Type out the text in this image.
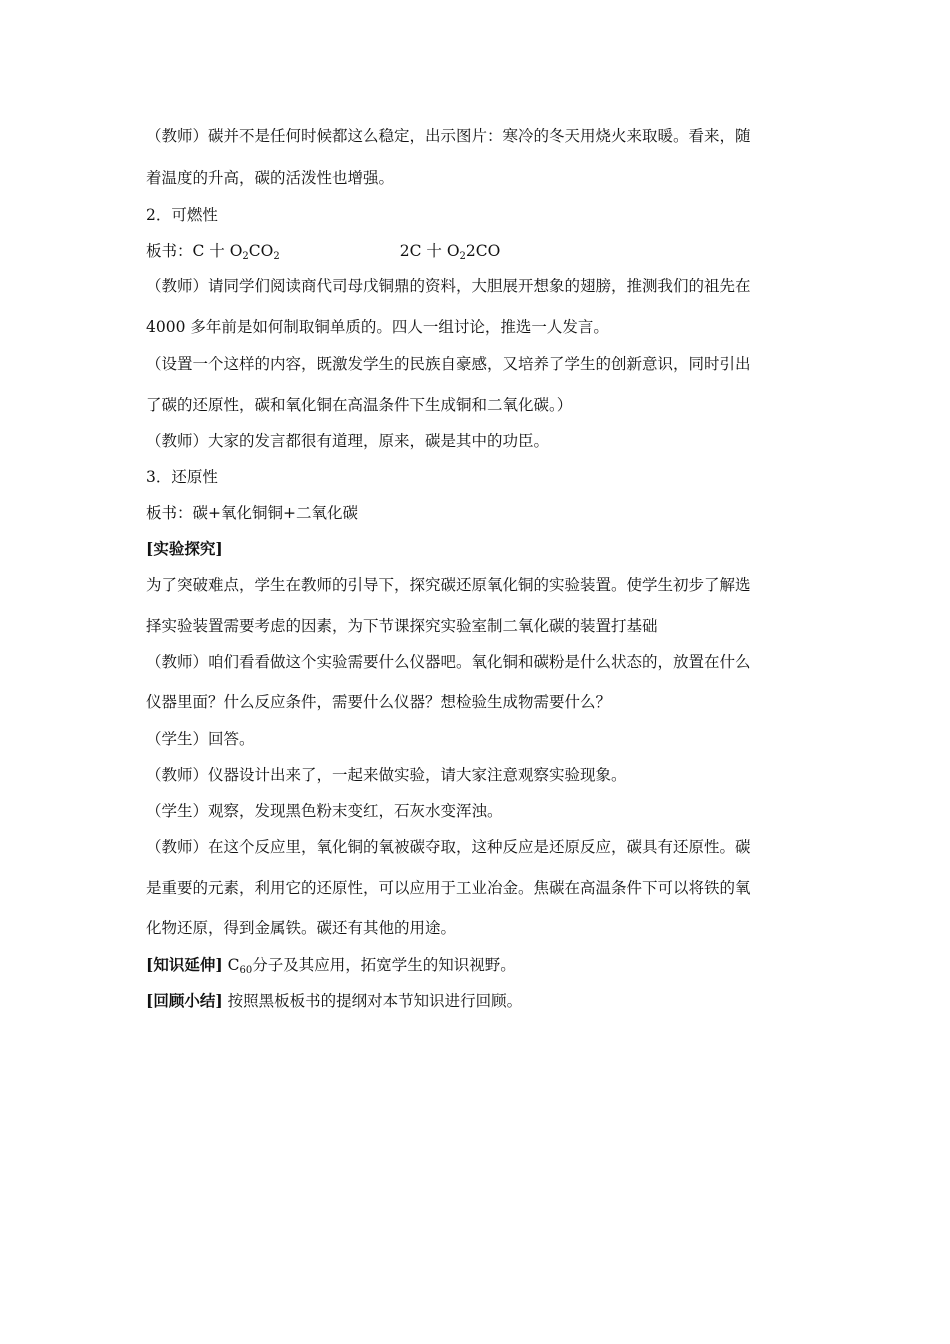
（教师）碳并不是任何时候都这么稳定，出示图片：寒冷的冬天用烧火来取暖。看来，随
着温度的升高，碳的活泼性也增强。
2．可燃性
板书：C 十 $O_2CO_2$	2C 十 $O_22CO$
（教师）请同学们阅读商代司母戊铜鼎的资料，大胆展开想象的翅膀，推测我们的祖先在
4000 多年前是如何制取铜单质的。四人一组讨论，推选一人发言。
（设置一个这样的内容，既激发学生的民族自豪感，又培养了学生的创新意识，同时引出
了碳的还原性，碳和氧化铜在高温条件下生成铜和二氧化碳。）
（教师）大家的发言都很有道理，原来，碳是其中的功臣。
3．还原性
板书：碳+氧化铜铜+二氧化碳
[实验探究]
为了突破难点，学生在教师的引导下，探究碳还原氧化铜的实验装置。使学生初步了解选
择实验装置需要考虑的因素，为下节课探究实验室制二氧化碳的装置打基础
（教师）咱们看看做这个实验需要什么仪器吧。氧化铜和碳粉是什么状态的，放置在什么
仪器里面？什么反应条件，需要什么仪器？想检验生成物需要什么？
（学生）回答。
（教师）仪器设计出来了，一起来做实验，请大家注意观察实验现象。
（学生）观察，发现黑色粉末变红，石灰水变浑浊。
（教师）在这个反应里，氧化铜的氧被碳夺取，这种反应是还原反应，碳具有还原性。碳
是重要的元素，利用它的还原性，可以应用于工业冶金。焦碳在高温条件下可以将铁的氧
化物还原，得到金属铁。碳还有其他的用途。
[知识延伸] $C_{60}$分子及其应用，拓宽学生的知识视野。
[回顾小结] 按照黑板板书的提纲对本节知识进行回顾。
